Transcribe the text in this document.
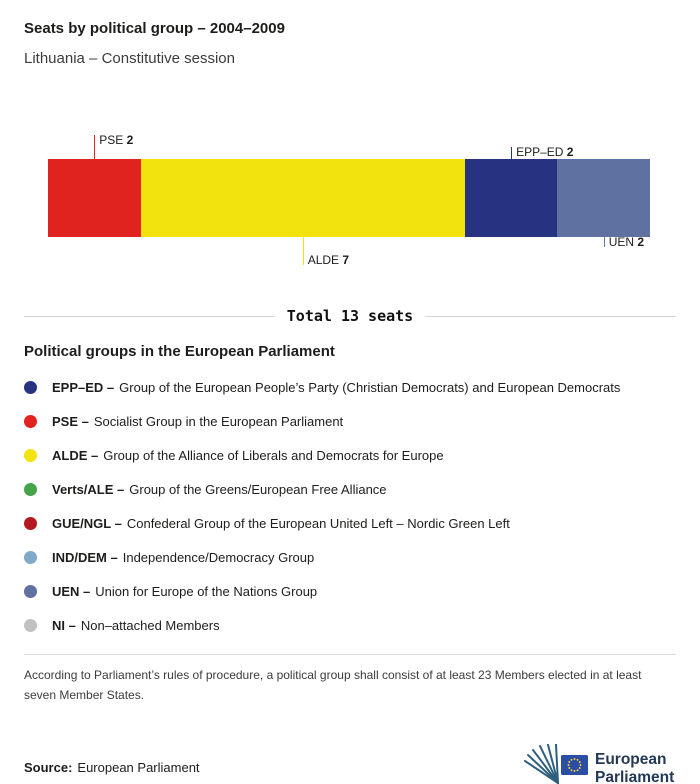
Seats by political group – 2004–2009
Lithuania – Constitutive session
PSE 2
EPP–ED 2
ALDE 7
UEN 2
Total 13 seats
Political groups in the European Parliament
EPP–ED – Group of the European People’s Party (Christian Democrats) and European Democrats
PSE – Socialist Group in the European Parliament
ALDE – Group of the Alliance of Liberals and Democrats for Europe
Verts/ALE – Group of the Greens/European Free Alliance
GUE/NGL – Confederal Group of the European United Left – Nordic Green Left
IND/DEM – Independence/Democracy Group
UEN – Union for Europe of the Nations Group
NI – Non–attached Members
According to Parliament’s rules of procedure, a political group shall consist of at least 23 Members elected in at least seven Member States.
Source: European Parliament	European
Parliament
